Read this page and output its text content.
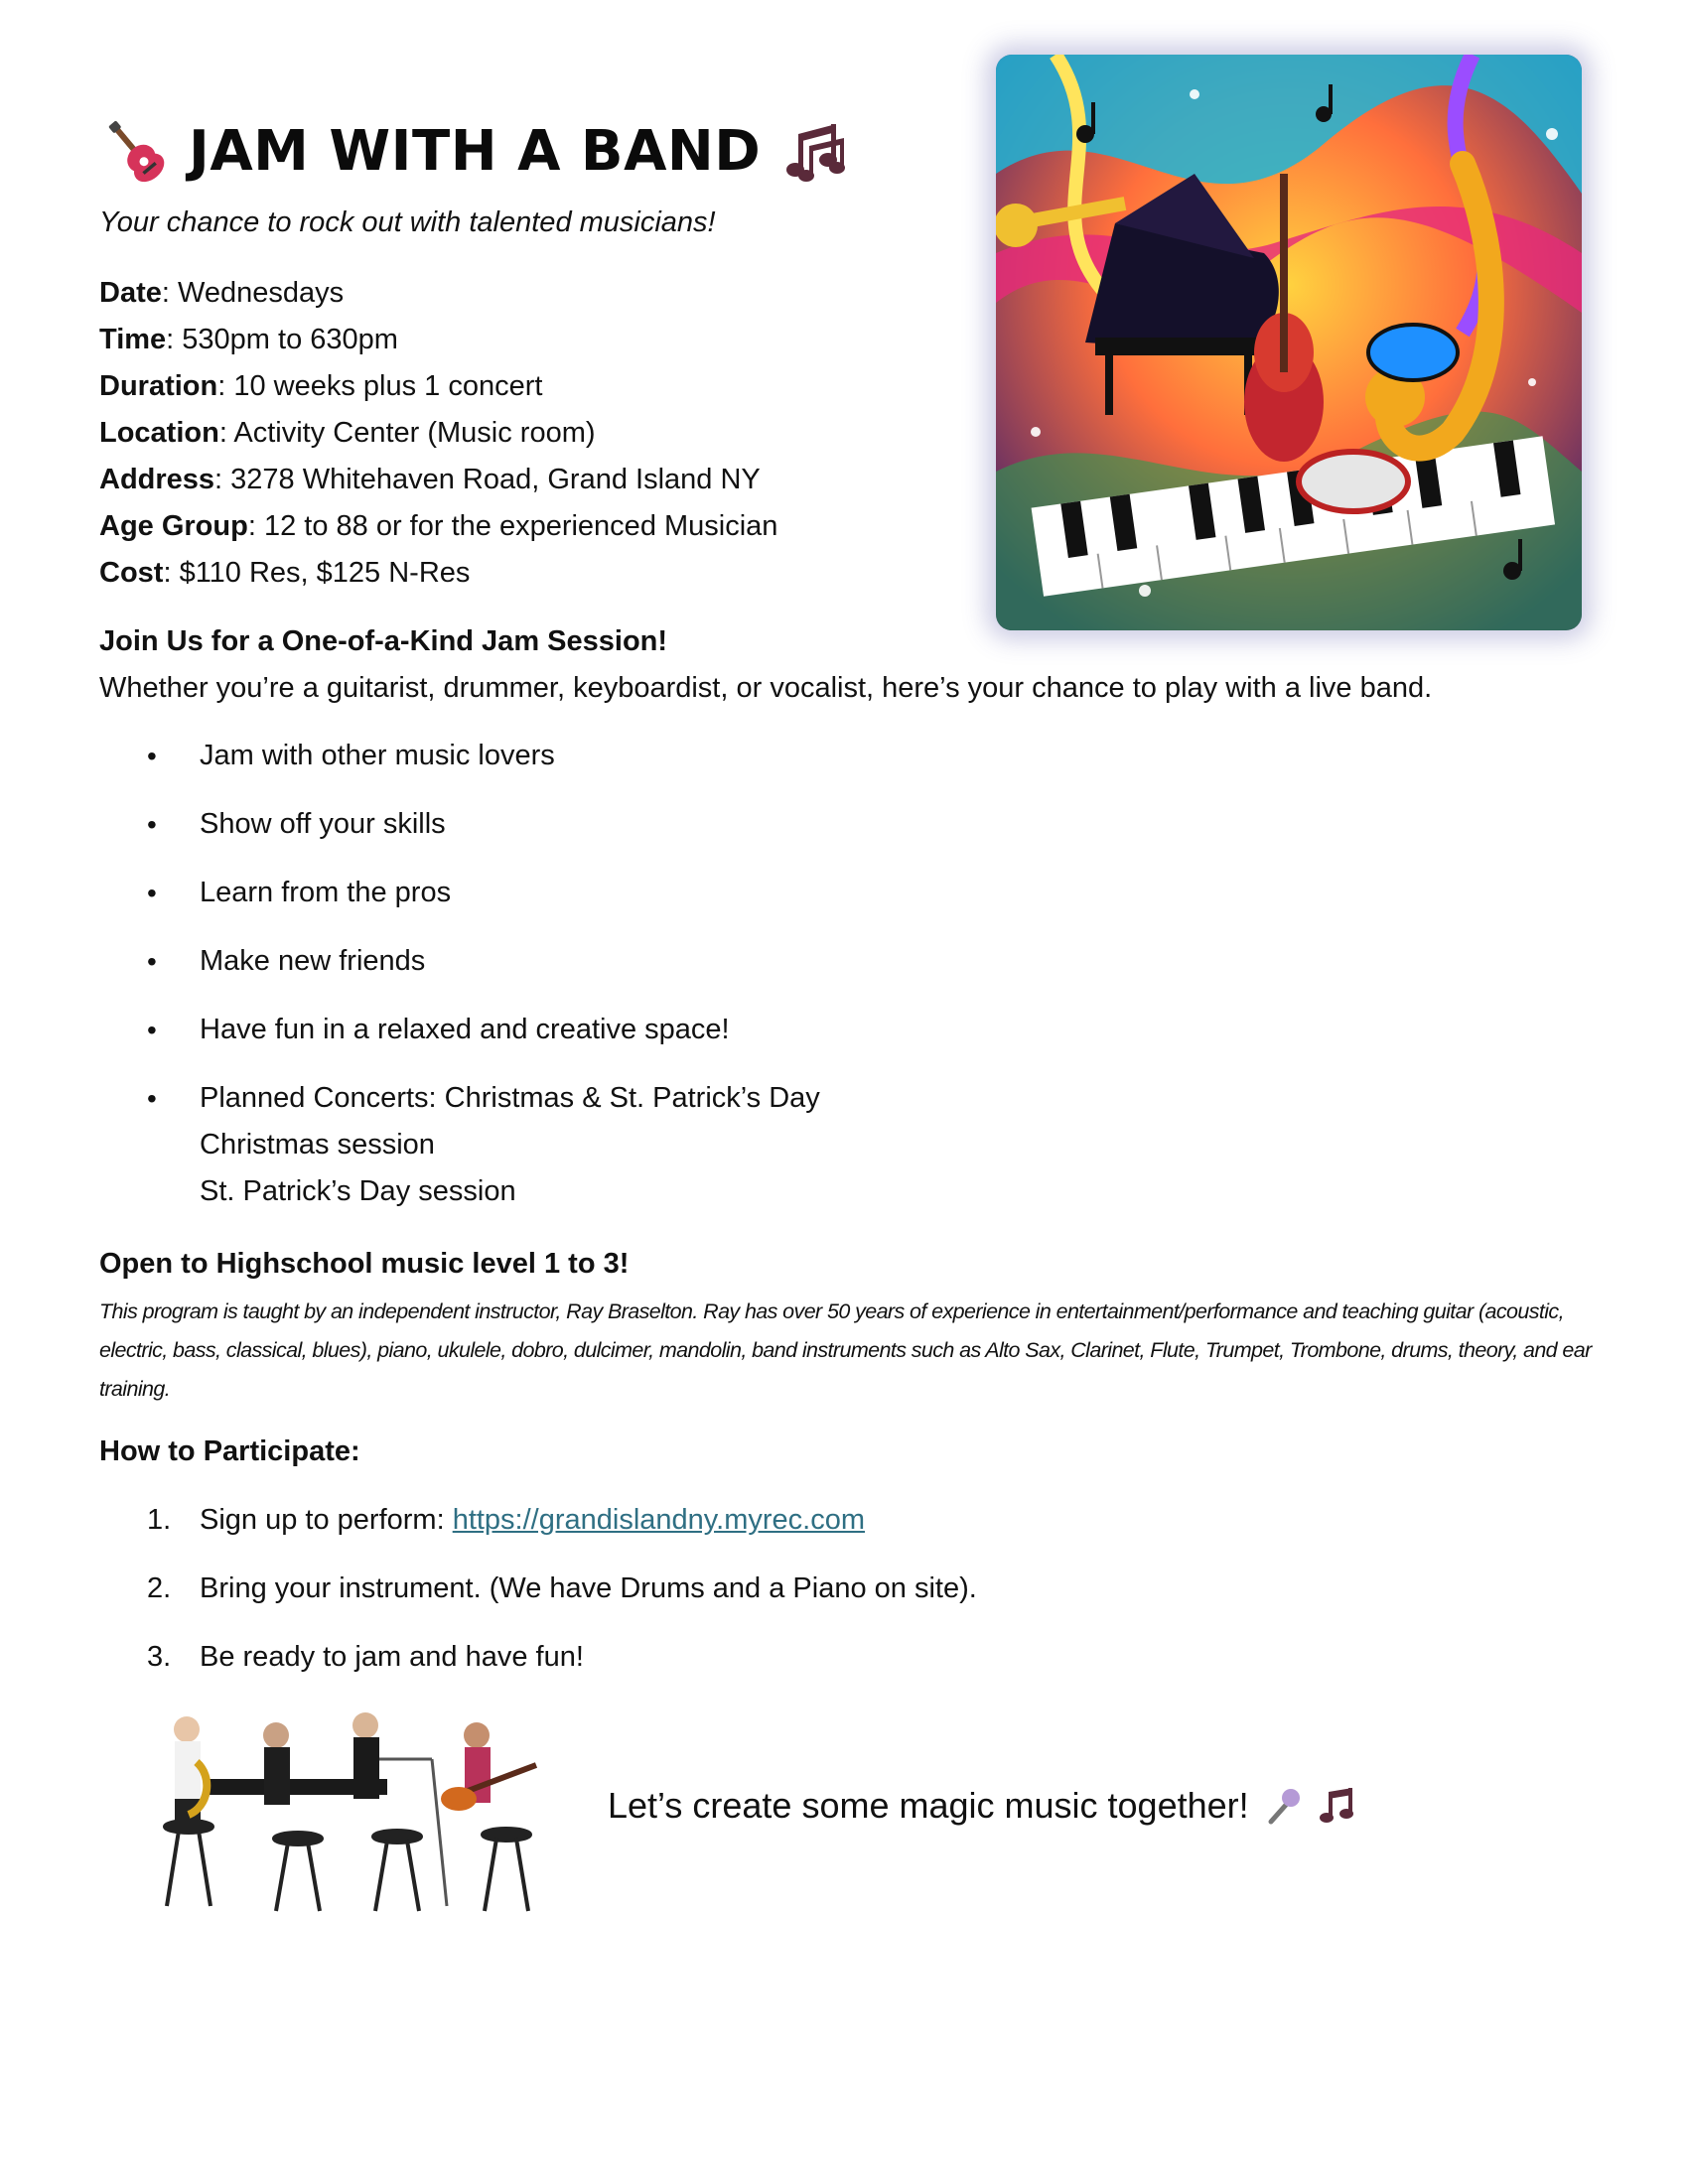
JAM WITH A BAND
Your chance to rock out with talented musicians!
Date: Wednesdays
Time: 530pm to 630pm
Duration: 10 weeks plus 1 concert
Location: Activity Center (Music room)
Address: 3278 Whitehaven Road, Grand Island NY
Age Group: 12 to 88 or for the experienced Musician
Cost: $110 Res, $125 N-Res
Join Us for a One-of-a-Kind Jam Session!
Whether you’re a guitarist, drummer, keyboardist, or vocalist, here’s your chance to play with a live band.
• Jam with other music lovers
• Show off your skills
• Learn from the pros
• Make new friends
• Have fun in a relaxed and creative space!
• Planned Concerts: Christmas & St. Patrick’s Day
Christmas session
St. Patrick’s Day session
Open to Highschool music level 1 to 3!
This program is taught by an independent instructor, Ray Braselton. Ray has over 50 years of experience in entertainment/performance and teaching guitar (acoustic, electric, bass, classical, blues), piano, ukulele, dobro, dulcimer, mandolin, band instruments such as Alto Sax, Clarinet, Flute, Trumpet, Trombone, drums, theory, and ear training.
How to Participate:
1. Sign up to perform: https://grandislandny.myrec.com
2. Bring your instrument. (We have Drums and a Piano on site).
3. Be ready to jam and have fun!
Let’s create some magic music together!
